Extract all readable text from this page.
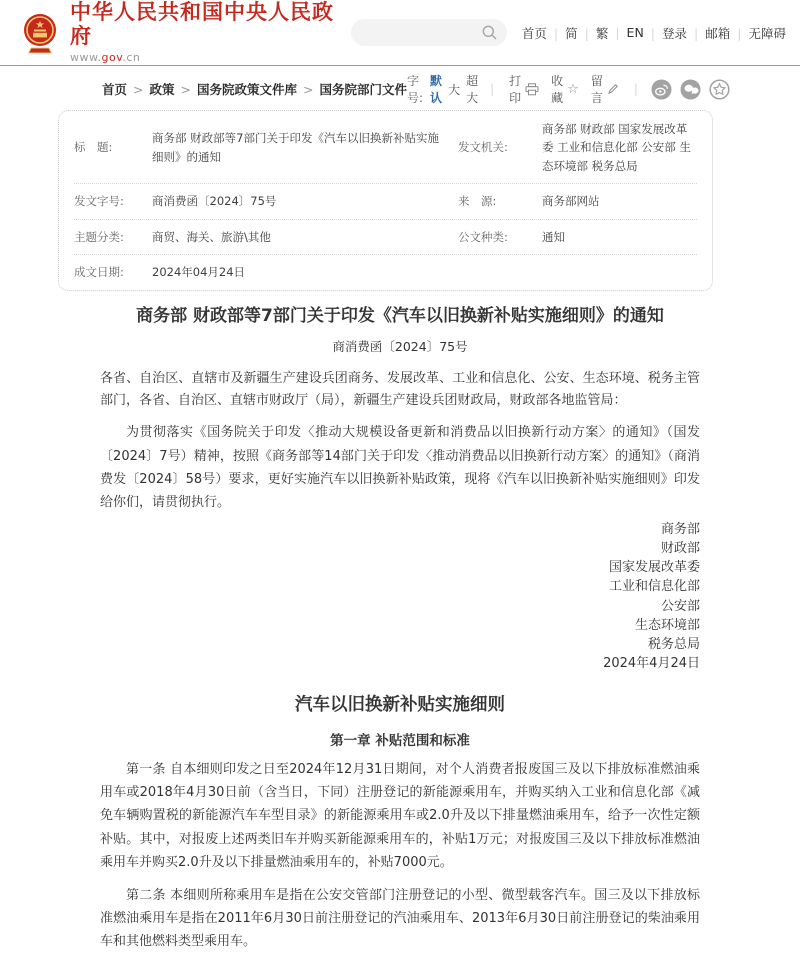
中华人民共和国中央人民政府
www.gov.cn
首页	| 简	| 繁	| EN	| 登录	| 邮箱	| 无障碍
首页	> 政策	> 国务院政策文件库	> 国务院部门文件
字号:
默认
大
超大
|
打印
收藏
☆
留言
|
标　题:
商务部 财政部等7部门关于印发《汽车以旧换新补贴实施细则》的通知
发文机关:
商务部 财政部 国家发展改革委 工业和信息化部 公安部 生态环境部 税务总局
发文字号:	商消费函〔2024〕75号	来　源:	商务部网站
主题分类:	商贸、海关、旅游\其他	公文种类:	通知
成文日期:	2024年04月24日
商务部 财政部等7部门关于印发《汽车以旧换新补贴实施细则》的通知
商消费函〔2024〕75号

各省、自治区、直辖市及新疆生产建设兵团商务、发展改革、工业和信息化、公安、生态环境、税务主管部门，各省、自治区、直辖市财政厅（局），新疆生产建设兵团财政局，财政部各地监管局：

为贯彻落实《国务院关于印发〈推动大规模设备更新和消费品以旧换新行动方案〉的通知》（国发〔2024〕7号）精神，按照《商务部等14部门关于印发〈推动消费品以旧换新行动方案〉的通知》（商消费发〔2024〕58号）要求，更好实施汽车以旧换新补贴政策，现将《汽车以旧换新补贴实施细则》印发给你们，请贯彻执行。

商务部
财政部
国家发展改革委
工业和信息化部
公安部
生态环境部
税务总局
2024年4月24日
汽车以旧换新补贴实施细则
第一章 补贴范围和标准

第一条 自本细则印发之日至2024年12月31日期间，对个人消费者报废国三及以下排放标准燃油乘用车或2018年4月30日前（含当日，下同）注册登记的新能源乘用车，并购买纳入工业和信息化部《减免车辆购置税的新能源汽车车型目录》的新能源乘用车或2.0升及以下排量燃油乘用车，给予一次性定额补贴。其中，对报废上述两类旧车并购买新能源乘用车的，补贴1万元；对报废国三及以下排放标准燃油乘用车并购买2.0升及以下排量燃油乘用车的，补贴7000元。

第二条 本细则所称乘用车是指在公安交管部门注册登记的小型、微型载客汽车。国三及以下排放标准燃油乘用车是指在2011年6月30日前注册登记的汽油乘用车、2013年6月30日前注册登记的柴油乘用车和其他燃料类型乘用车。
